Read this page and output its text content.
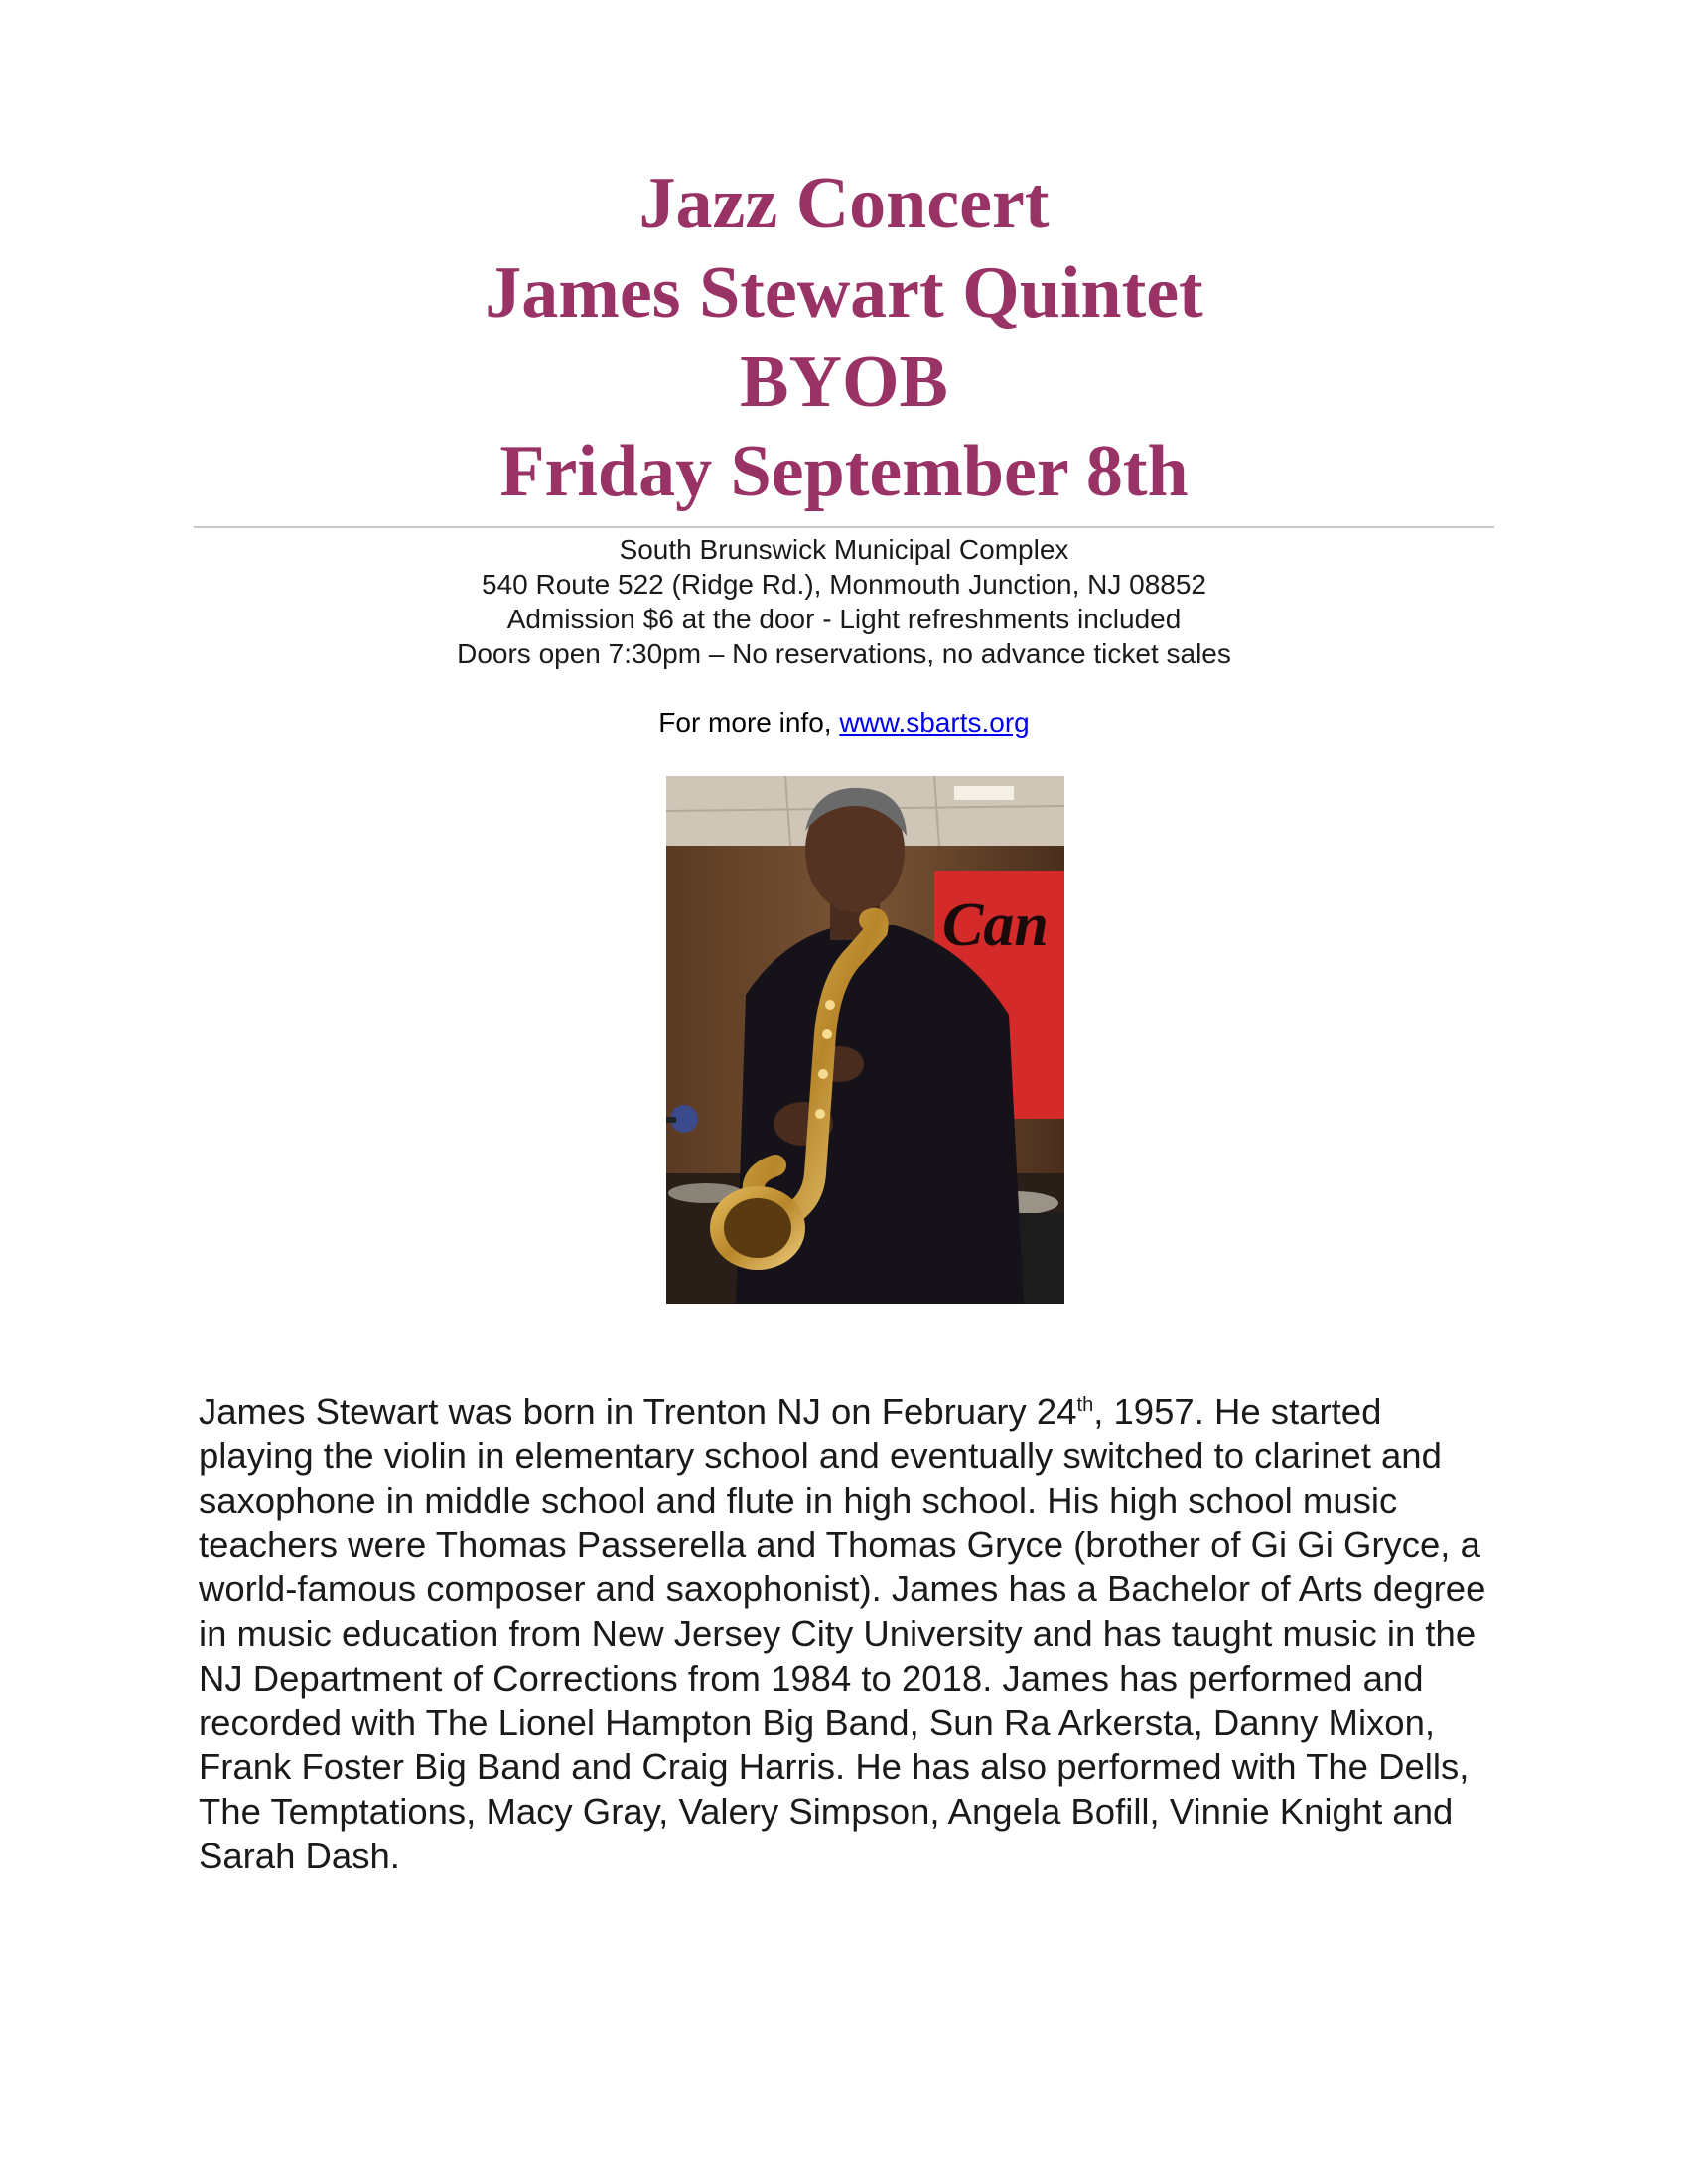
Jazz Concert
James Stewart Quintet
BYOB
Friday September 8th
South Brunswick Municipal Complex
540 Route 522 (Ridge Rd.), Monmouth Junction, NJ 08852
Admission $6 at the door - Light refreshments included
Doors open 7:30pm – No reservations, no advance ticket sales
For more info, www.sbarts.org
Can
James Stewart was born in Trenton NJ on February 24th, 1957. He started playing the violin in elementary school and eventually switched to clarinet and saxophone in middle school and flute in high school. His high school music teachers were Thomas Passerella and Thomas Gryce (brother of Gi Gi Gryce, a world-famous composer and saxophonist). James has a Bachelor of Arts degree in music education from New Jersey City University and has taught music in the NJ Department of Corrections from 1984 to 2018. James has performed and recorded with The Lionel Hampton Big Band, Sun Ra Arkersta, Danny Mixon, Frank Foster Big Band and Craig Harris. He has also performed with The Dells, The Temptations, Macy Gray, Valery Simpson, Angela Bofill, Vinnie Knight and Sarah Dash.
